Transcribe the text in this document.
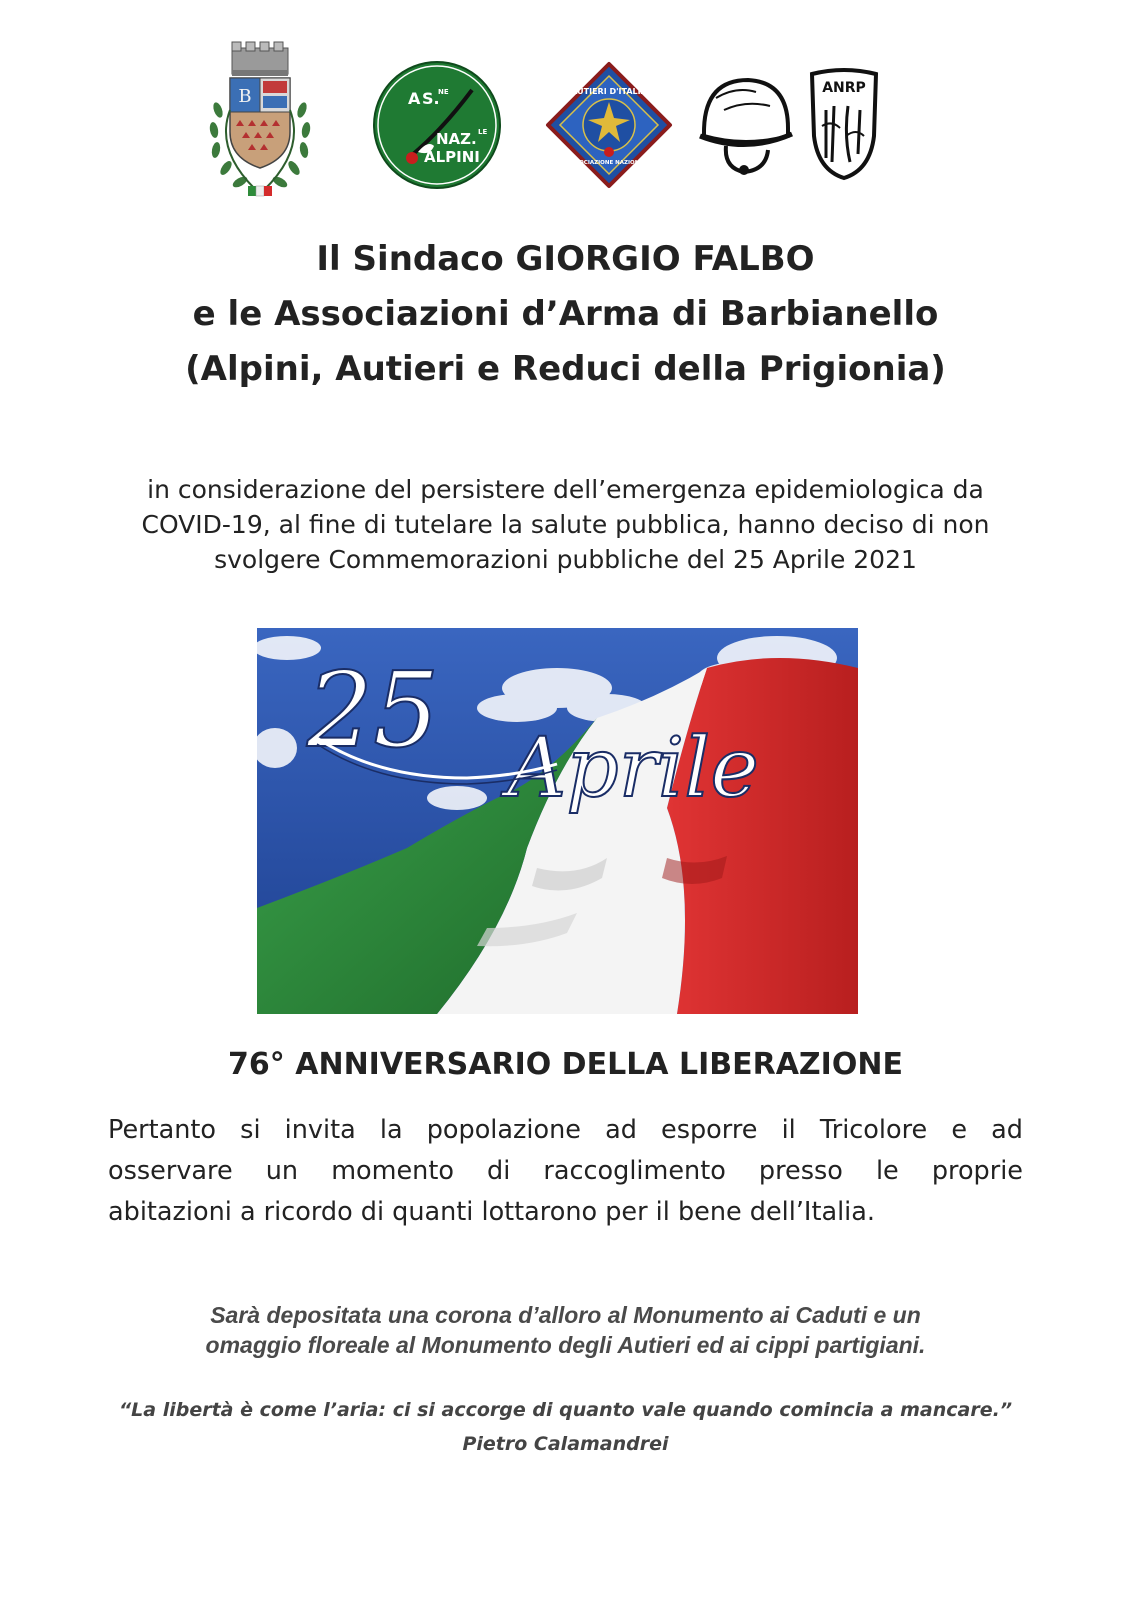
B	A S.
NE
NAZ. LE
ALPINI
AUTIERI D'ITALIA
ASSOCIAZIONE NAZIONALE
ANRP
Il Sindaco GIORGIO FALBO
e le Associazioni d’Arma di Barbianello
(Alpini, Autieri e Reduci della Prigionia)
in considerazione del persistere dell’emergenza epidemiologica da
COVID-19, al fine di tutelare la salute pubblica, hanno deciso di non
svolgere Commemorazioni pubbliche del 25 Aprile 2021
25 Aprile
76° ANNIVERSARIO DELLA LIBERAZIONE
Pertanto si invita la popolazione ad esporre il Tricolore e ad
osservare un momento di raccoglimento presso le proprie
abitazioni a ricordo di quanti lottarono per il bene dell’Italia.
Sarà depositata una corona d’alloro al Monumento ai Caduti e un
omaggio floreale al Monumento degli Autieri ed ai cippi partigiani.
“La libertà è come l’aria: ci si accorge di quanto vale quando comincia a mancare.”
Pietro Calamandrei
